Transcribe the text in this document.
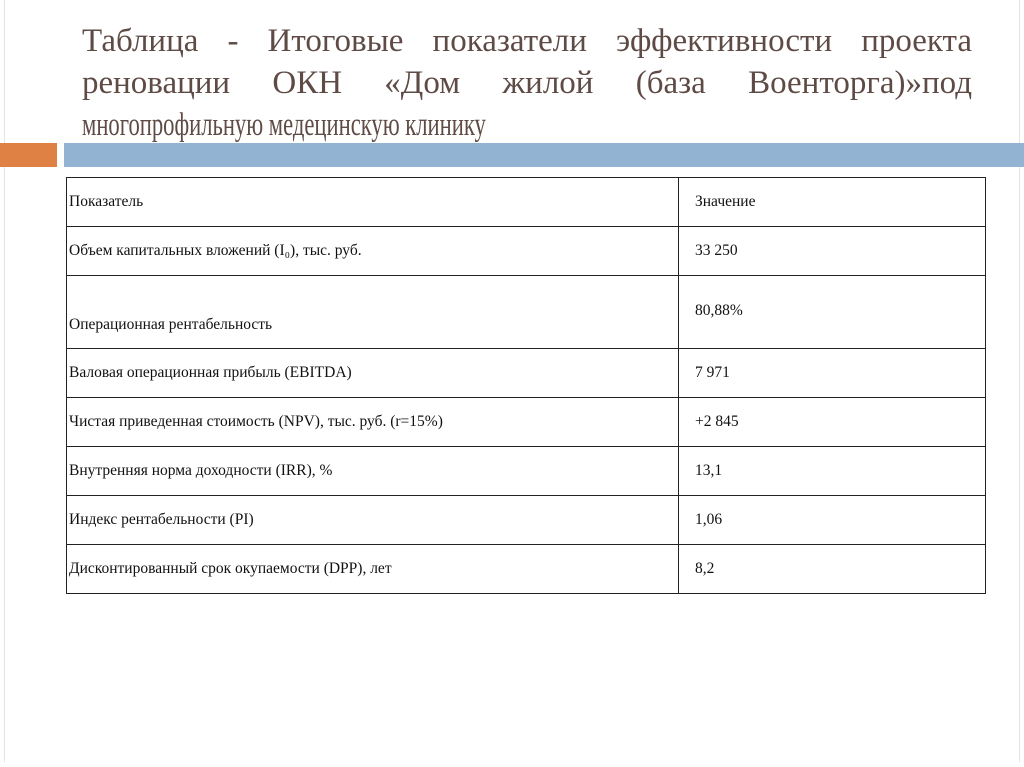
Таблица - Итоговые показатели эффективности проекта
реновации ОКН «Дом жилой (база Военторга)»под
многопрофильную медецинскую клинику
Показатель	Значение
Объем капитальных вложений (I₀), тыс. руб.	33 250
Операционная рентабельность	80,88%
Валовая операционная прибыль (EBITDA)	7 971
Чистая приведенная стоимость (NPV), тыс. руб. (r=15%)	+2 845
Внутренняя норма доходности (IRR), %	13,1
Индекс рентабельности (PI)	1,06
Дисконтированный срок окупаемости (DPP), лет	8,2
